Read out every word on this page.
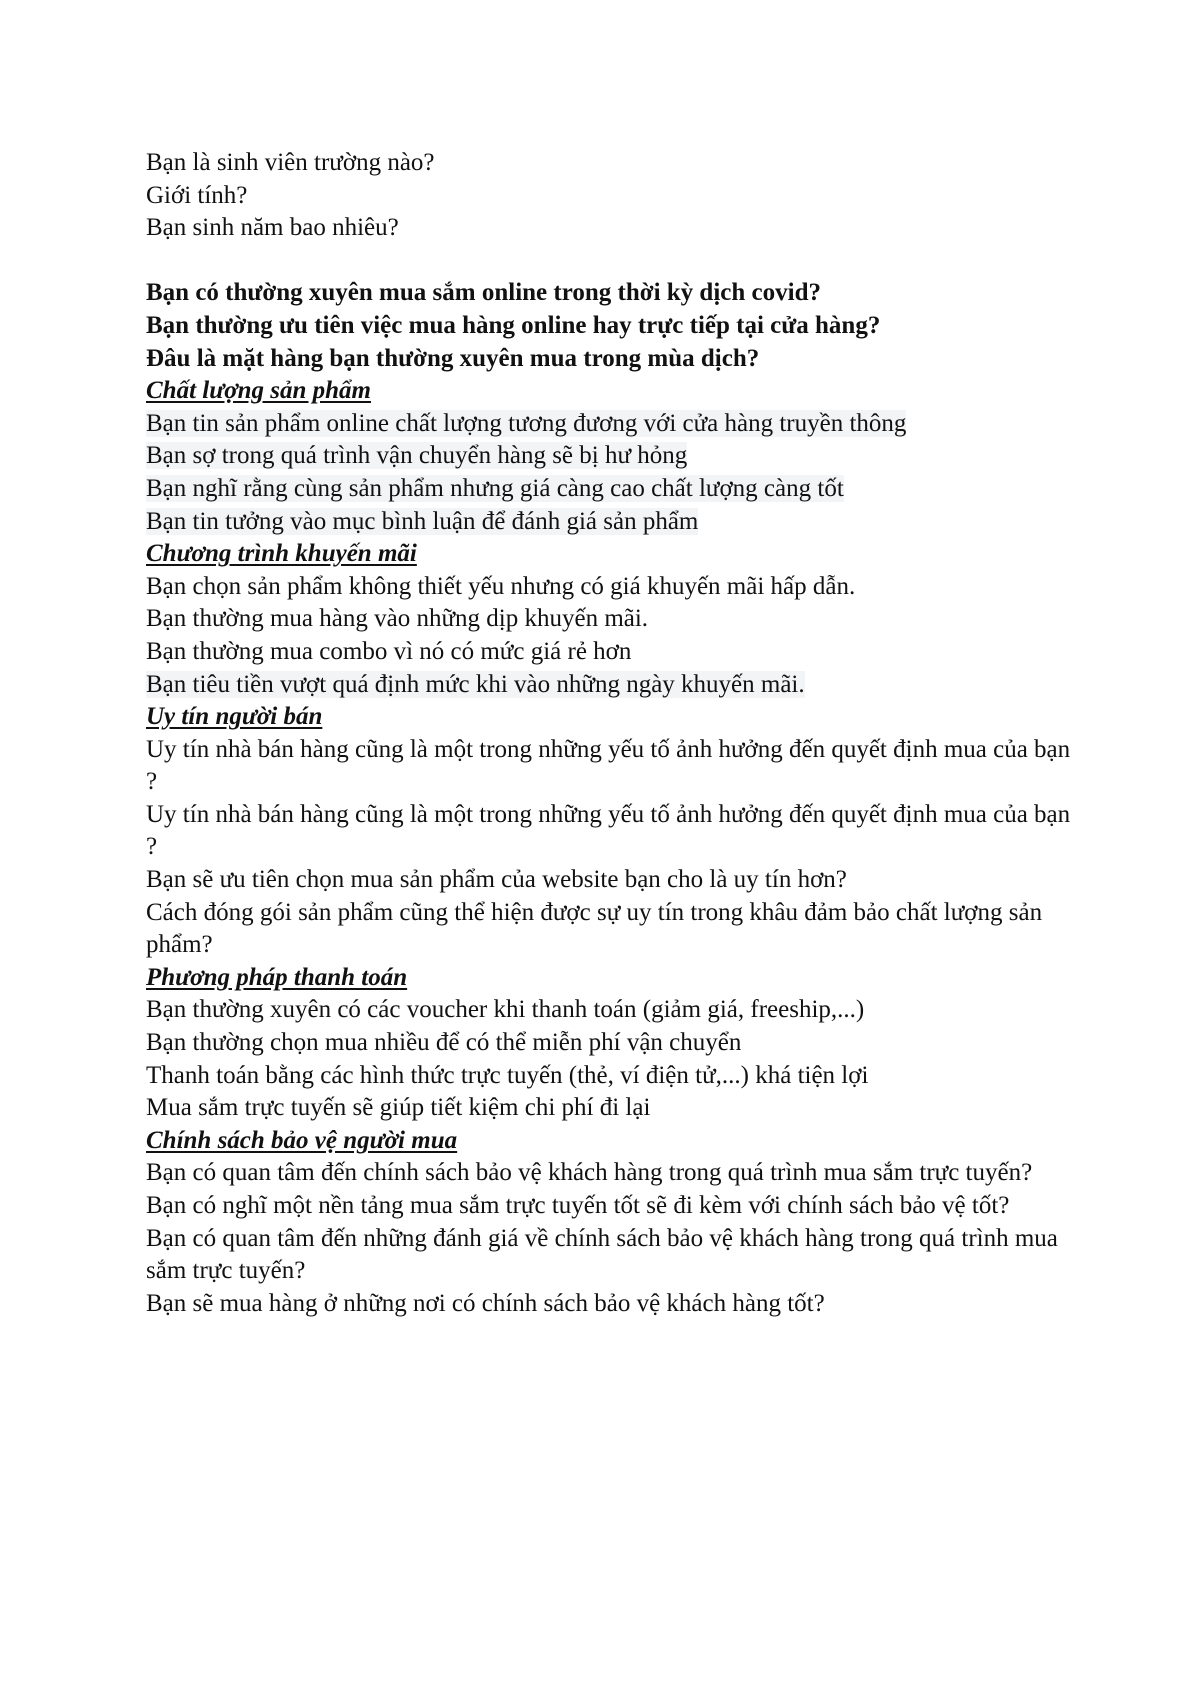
Bạn là sinh viên trường nào?

Giới tính?

Bạn sinh năm bao nhiêu?

Bạn có thường xuyên mua sắm online trong thời kỳ dịch covid?

Bạn thường ưu tiên việc mua hàng online hay trực tiếp tại cửa hàng?

Đâu là mặt hàng bạn thường xuyên mua trong mùa dịch?

Chất lượng sản phẩm

Bạn tin sản phẩm online chất lượng tương đương với cửa hàng truyền thông

Bạn sợ trong quá trình vận chuyển hàng sẽ bị hư hỏng

Bạn nghĩ rằng cùng sản phẩm nhưng giá càng cao chất lượng càng tốt

Bạn tin tưởng vào mục bình luận để đánh giá sản phẩm

Chương trình khuyến mãi

Bạn chọn sản phẩm không thiết yếu nhưng có giá khuyến mãi hấp dẫn.

Bạn thường mua hàng vào những dịp khuyến mãi.

Bạn thường mua combo vì nó có mức giá rẻ hơn

Bạn tiêu tiền vượt quá định mức khi vào những ngày khuyến mãi.

Uy tín người bán

Uy tín nhà bán hàng cũng là một trong những yếu tố ảnh hưởng đến quyết định mua của bạn ?

Uy tín nhà bán hàng cũng là một trong những yếu tố ảnh hưởng đến quyết định mua của bạn ?

Bạn sẽ ưu tiên chọn mua sản phẩm của website bạn cho là uy tín hơn?

Cách đóng gói sản phẩm cũng thể hiện được sự uy tín trong khâu đảm bảo chất lượng sản phẩm?

Phương pháp thanh toán

Bạn thường xuyên có các voucher khi thanh toán (giảm giá, freeship,...)

Bạn thường chọn mua nhiều để có thể miễn phí vận chuyển

Thanh toán bằng các hình thức trực tuyến (thẻ, ví điện tử,...) khá tiện lợi

Mua sắm trực tuyến sẽ giúp tiết kiệm chi phí đi lại

Chính sách bảo vệ người mua

Bạn có quan tâm đến chính sách bảo vệ khách hàng trong quá trình mua sắm trực tuyến?

Bạn có nghĩ một nền tảng mua sắm trực tuyến tốt sẽ đi kèm với chính sách bảo vệ tốt?

Bạn có quan tâm đến những đánh giá về chính sách bảo vệ khách hàng trong quá trình mua sắm trực tuyến?

Bạn sẽ mua hàng ở những nơi có chính sách bảo vệ khách hàng tốt?
